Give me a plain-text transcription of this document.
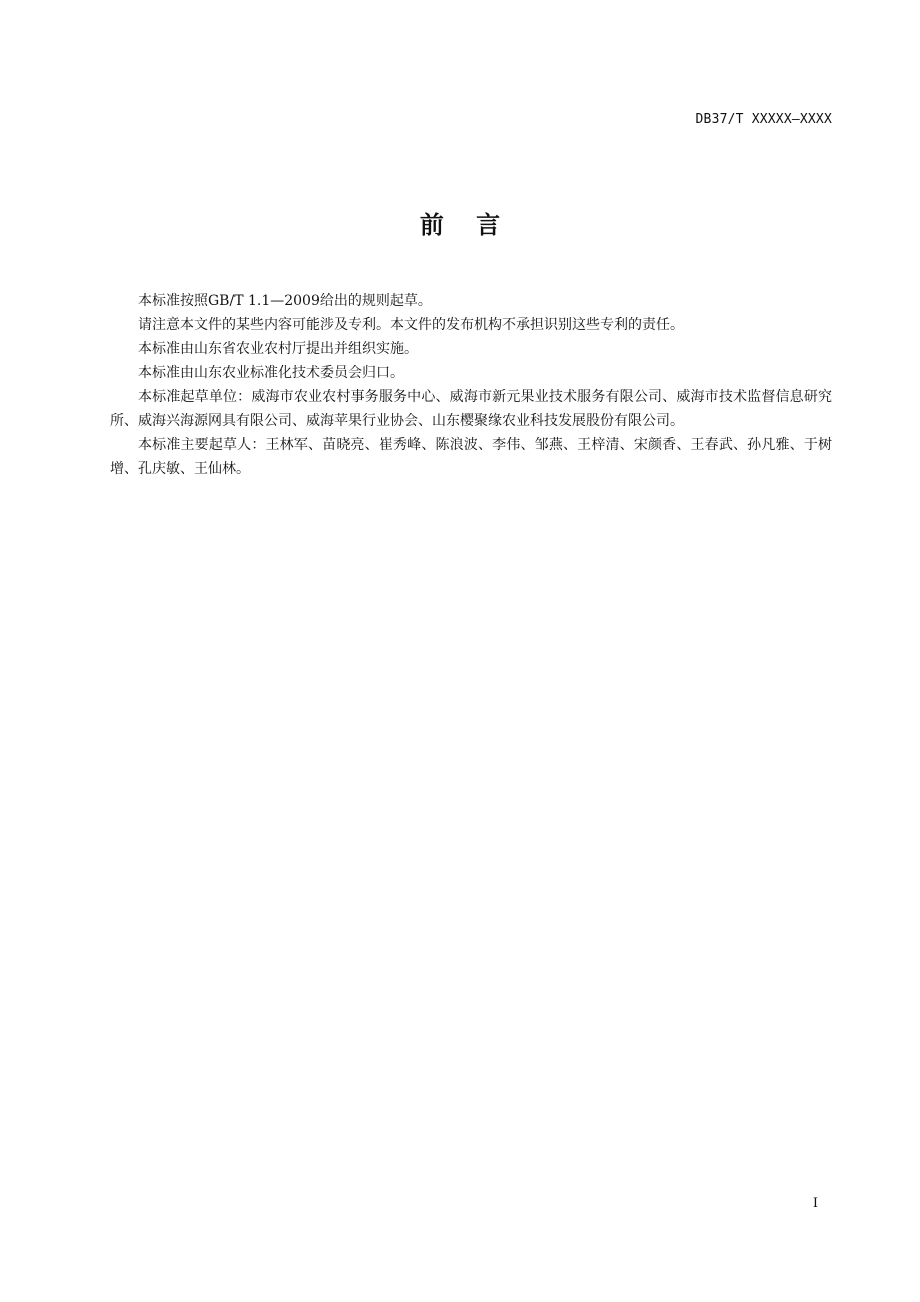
DB37/T XXXXX—XXXX
前 言

本标准按照GB/T 1.1—2009给出的规则起草。

请注意本文件的某些内容可能涉及专利。本文件的发布机构不承担识别这些专利的责任。

本标准由山东省农业农村厅提出并组织实施。

本标准由山东农业标准化技术委员会归口。

本标准起草单位：威海市农业农村事务服务中心、威海市新元果业技术服务有限公司、威海市技术监督信息研究所、威海兴海源网具有限公司、威海苹果行业协会、山东樱聚缘农业科技发展股份有限公司。

本标准主要起草人：王林军、苗晓亮、崔秀峰、陈浪波、李伟、邹燕、王梓清、宋颜香、王春武、孙凡雅、于树增、孔庆敏、王仙林。

I
